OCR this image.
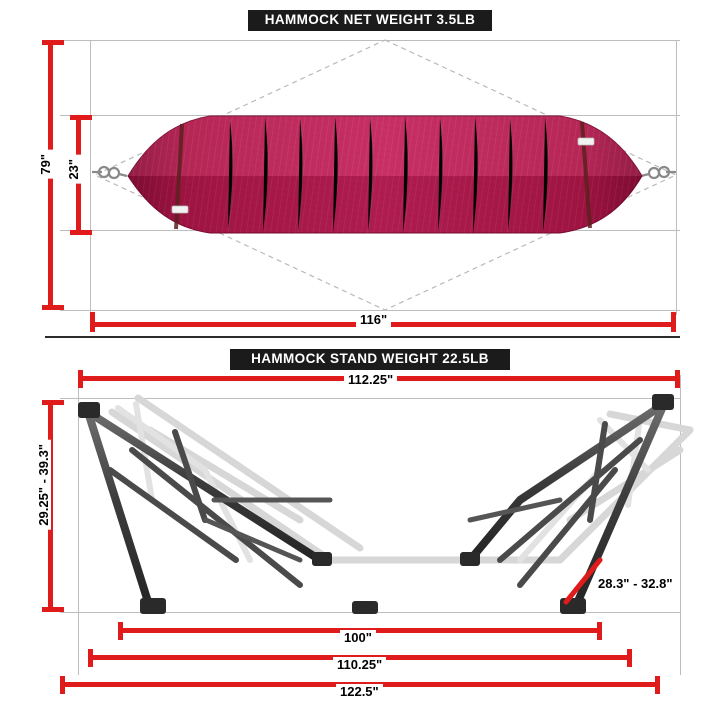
HAMMOCK NET WEIGHT 3.5LB
79" 23"
116"
HAMMOCK STAND WEIGHT 22.5LB
112.25"
29.25" - 39.3"
28.3" - 32.8"
100"
110.25"
122.5"
